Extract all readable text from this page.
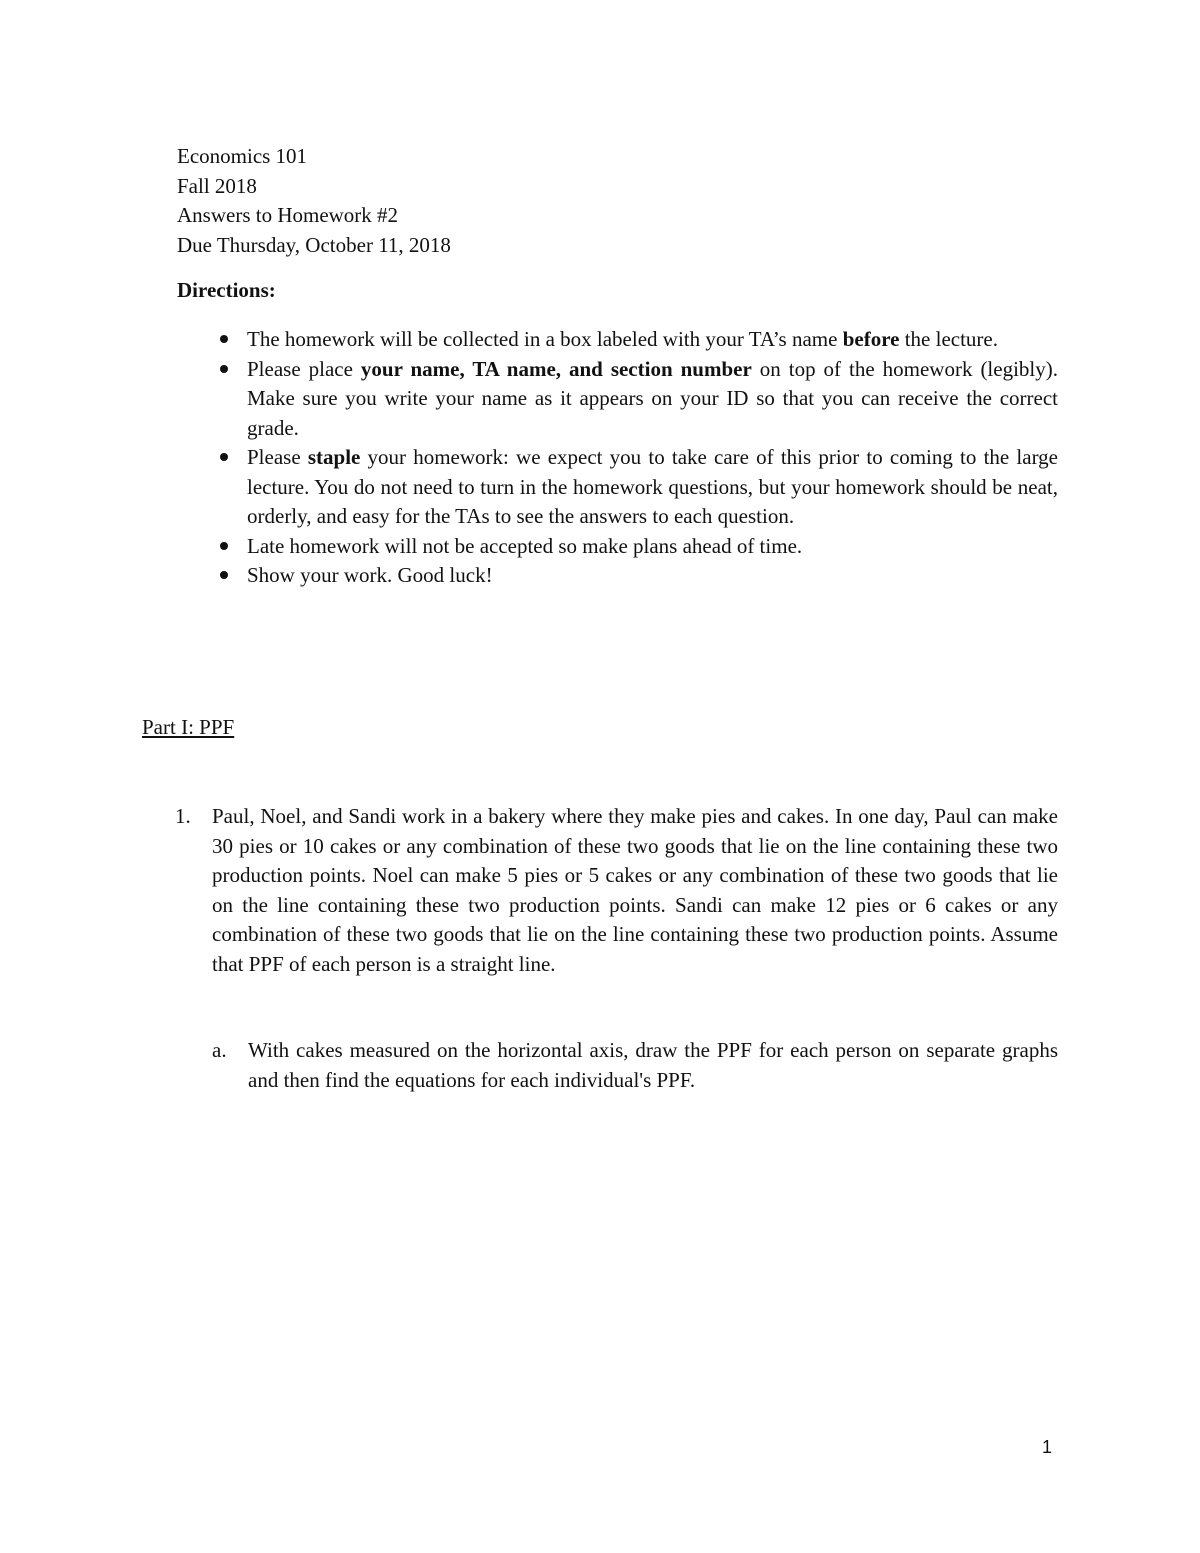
Economics 101
Fall 2018
Answers to Homework #2
Due Thursday, October 11, 2018
Directions:
The homework will be collected in a box labeled with your TA’s name before the lecture.
Please place your name, TA name, and section number on top of the homework (legibly). Make sure you write your name as it appears on your ID so that you can receive the correct grade.
Please staple your homework: we expect you to take care of this prior to coming to the large lecture. You do not need to turn in the homework questions, but your homework should be neat, orderly, and easy for the TAs to see the answers to each question.
Late homework will not be accepted so make plans ahead of time.
Show your work. Good luck!
Part I: PPF
1. Paul, Noel, and Sandi work in a bakery where they make pies and cakes. In one day, Paul can make 30 pies or 10 cakes or any combination of these two goods that lie on the line containing these two production points. Noel can make 5 pies or 5 cakes or any combination of these two goods that lie on the line containing these two production points. Sandi can make 12 pies or 6 cakes or any combination of these two goods that lie on the line containing these two production points. Assume that PPF of each person is a straight line.
a. With cakes measured on the horizontal axis, draw the PPF for each person on separate graphs and then find the equations for each individual's PPF.
1
